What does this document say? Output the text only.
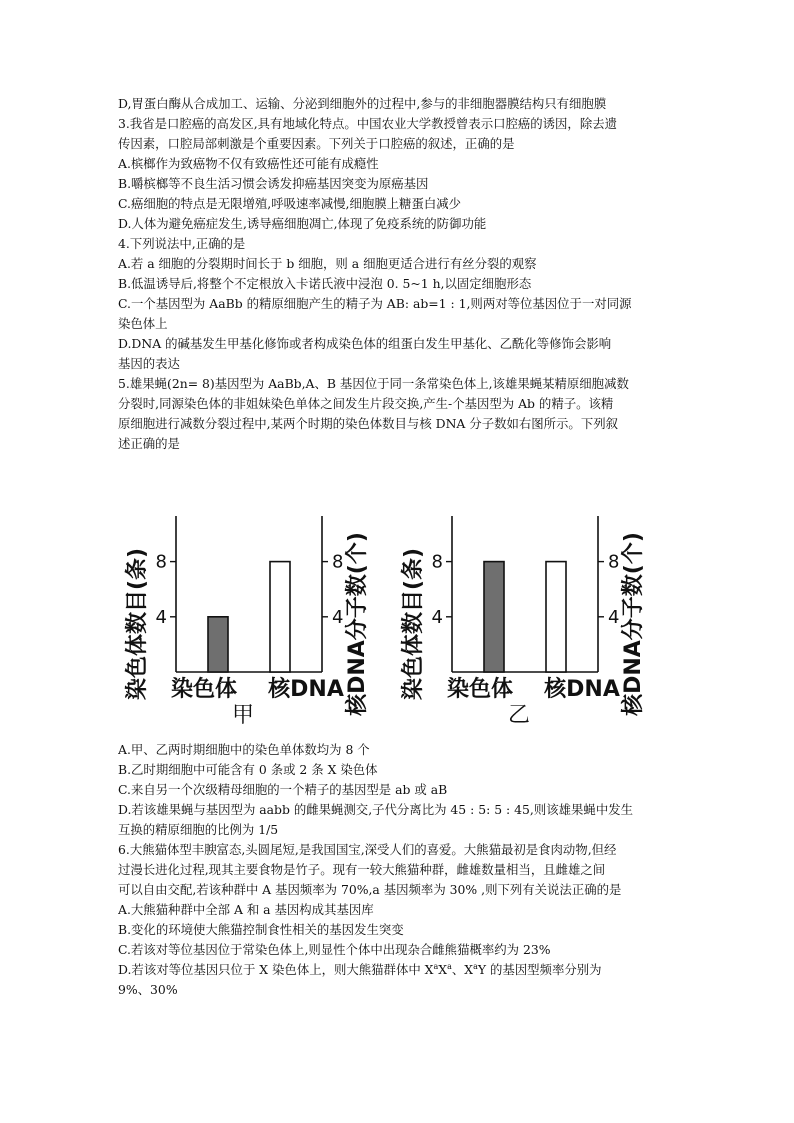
D,胃蛋白酶从合成加工、运输、分泌到细胞外的过程中,参与的非细胞器膜结构只有细胞膜
3.我省是口腔癌的高发区,具有地域化特点。中国农业大学教授曾表示口腔癌的诱因，除去遗
传因素，口腔局部刺激是个重要因素。下列关于口腔癌的叙述，正确的是
A.槟榔作为致癌物不仅有致癌性还可能有成瘾性
B.嚼槟榔等不良生活习惯会诱发抑癌基因突变为原癌基因
C.癌细胞的特点是无限增殖,呼吸速率减慢,细胞膜上糖蛋白减少
D.人体为避免癌症发生,诱导癌细胞凋亡,体现了免疫系统的防御功能
4.下列说法中,正确的是
A.若 a 细胞的分裂期时间长于 b 细胞，则 a 细胞更适合进行有丝分裂的观察
B.低温诱导后,将整个不定根放入卡诺氏液中浸泡 0. 5~1 h,以固定细胞形态
C.一个基因型为 AaBb 的精原细胞产生的精子为 AB: ab=1 : 1,则两对等位基因位于一对同源
染色体上
D.DNA 的碱基发生甲基化修饰或者构成染色体的组蛋白发生甲基化、乙酰化等修饰会影响
基因的表达
5.雄果蝇(2n= 8)基因型为 AaBb,A、B 基因位于同一条常染色体上,该雄果蝇某精原细胞减数
分裂时,同源染色体的非姐妹染色单体之间发生片段交换,产生-个基因型为 Ab 的精子。该精
原细胞进行减数分裂过程中,某两个时期的染色体数目与核 DNA 分子数如右图所示。下列叙
述正确的是
4	4
8	8
染色体 核DNA
甲
染色体数目(条)	核DNA分子数(个)	4	4
8	8
染色体 核DNA
乙
染色体数目(条)	核DNA分子数(个)
A.甲、乙两时期细胞中的染色单体数均为 8 个
B.乙时期细胞中可能含有 0 条或 2 条 X 染色体
C.来自另一个次级精母细胞的一个精子的基因型是 ab 或 aB
D.若该雄果蝇与基因型为 aabb 的雌果蝇测交,子代分离比为 45 : 5: 5 : 45,则该雄果蝇中发生
互换的精原细胞的比例为 1/5
6.大熊猫体型丰腴富态,头圆尾短,是我国国宝,深受人们的喜爱。大熊猫最初是食肉动物,但经
过漫长进化过程,现其主要食物是竹子。现有一较大熊猫种群，雌雄数量相当，且雌雄之间
可以自由交配,若该种群中 A 基因频率为 70%,a 基因频率为 30% ,则下列有关说法正确的是
A.大熊猫种群中全部 A 和 a 基因构成其基因库
B.变化的环境使大熊猫控制食性相关的基因发生突变
C.若该对等位基因位于常染色体上,则显性个体中出现杂合雌熊猫概率约为 23%
D.若该对等位基因只位于 X 染色体上，则大熊猫群体中 $X^aX^a$、$X^aY$ 的基因型频率分别为
9%、30%
